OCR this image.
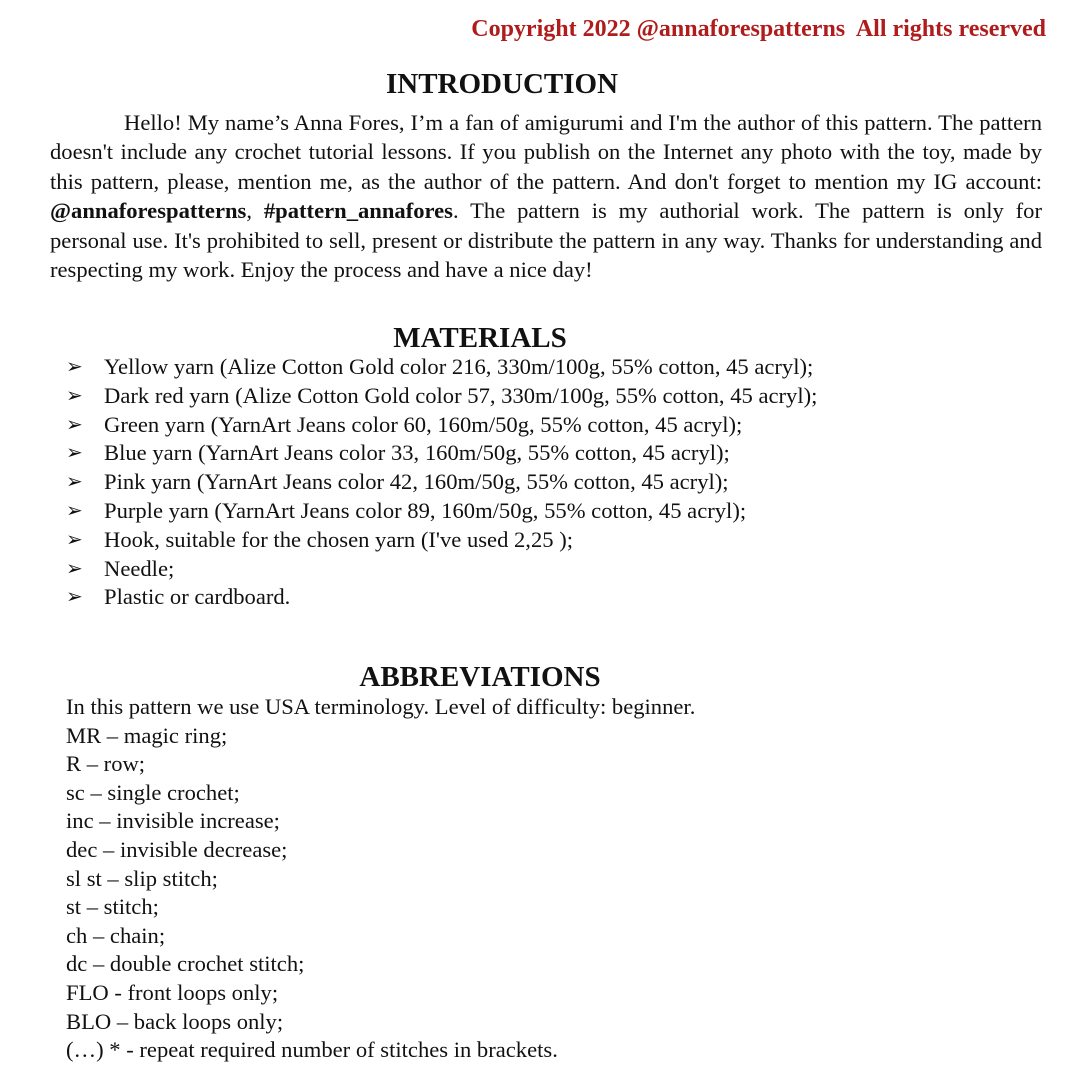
Copyright 2022 @annaforespatterns  All rights reserved
INTRODUCTION
Hello! My name’s Anna Fores, I’m a fan of amigurumi and I'm the author of this pattern. The pattern doesn't include any crochet tutorial lessons. If you publish on the Internet any photo with the toy, made by this pattern, please, mention me, as the author of the pattern. And don't forget to mention my IG account: @annaforespatterns, #pattern_annafores. The pattern is my authorial work. The pattern is only for personal use. It's prohibited to sell, present or distribute the pattern in any way. Thanks for understanding and respecting my work. Enjoy the process and have a nice day!
MATERIALS
➢ Yellow yarn (Alize Cotton Gold color 216, 330m/100g, 55% cotton, 45 acryl);
➢ Dark red yarn (Alize Cotton Gold color 57, 330m/100g, 55% cotton, 45 acryl);
➢ Green yarn (YarnArt Jeans color 60, 160m/50g, 55% cotton, 45 acryl);
➢ Blue yarn (YarnArt Jeans color 33, 160m/50g, 55% cotton, 45 acryl);
➢ Pink yarn (YarnArt Jeans color 42, 160m/50g, 55% cotton, 45 acryl);
➢ Purple yarn (YarnArt Jeans color 89, 160m/50g, 55% cotton, 45 acryl);
➢ Hook, suitable for the chosen yarn (I've used 2,25 );
➢ Needle;
➢ Plastic or cardboard.
ABBREVIATIONS
In this pattern we use USA terminology. Level of difficulty: beginner.
MR – magic ring;
R – row;
sc – single crochet;
inc – invisible increase;
dec – invisible decrease;
sl st – slip stitch;
st – stitch;
ch – chain;
dc – double crochet stitch;
FLO - front loops only;
BLO – back loops only;
(…) * - repeat required number of stitches in brackets.
